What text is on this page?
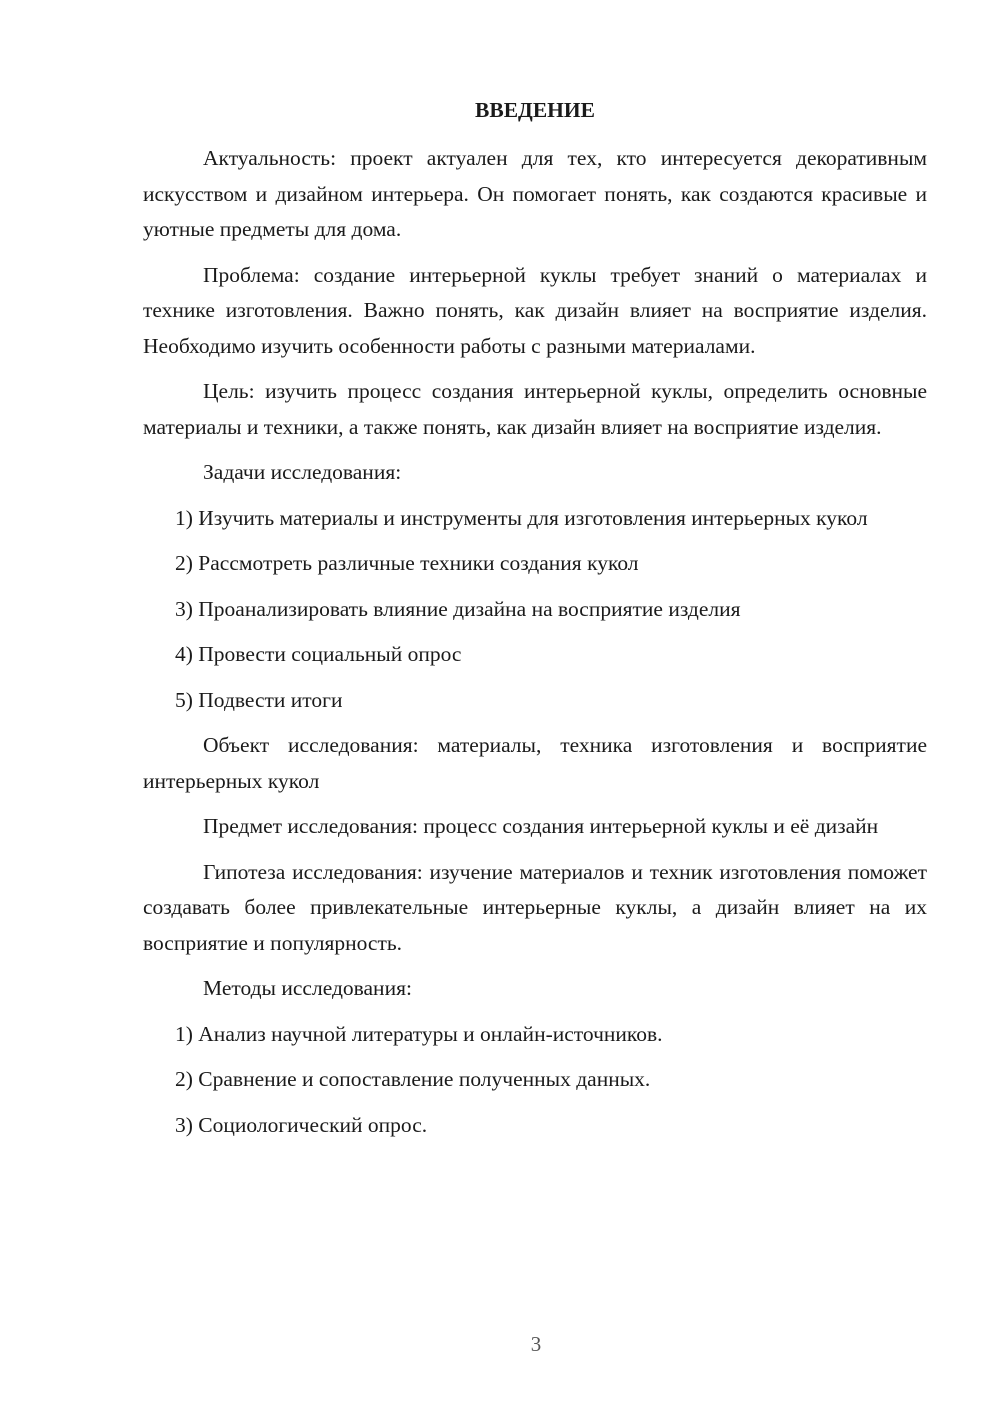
ВВЕДЕНИЕ

Актуальность: проект актуален для тех, кто интересуется декоративным искусством и дизайном интерьера. Он помогает понять, как создаются красивые и уютные предметы для дома.

Проблема: создание интерьерной куклы требует знаний о материалах и технике изготовления. Важно понять, как дизайн влияет на восприятие изделия. Необходимо изучить особенности работы с разными материалами.

Цель: изучить процесс создания интерьерной куклы, определить основные материалы и техники, а также понять, как дизайн влияет на восприятие изделия.

Задачи исследования:

1) Изучить материалы и инструменты для изготовления интерьерных кукол

2) Рассмотреть различные техники создания кукол

3) Проанализировать влияние дизайна на восприятие изделия

4) Провести социальный опрос

5) Подвести итоги

Объект исследования: материалы, техника изготовления и восприятие интерьерных кукол

Предмет исследования: процесс создания интерьерной куклы и её дизайн

Гипотеза исследования: изучение материалов и техник изготовления поможет создавать более привлекательные интерьерные куклы, а дизайн влияет на их восприятие и популярность.

Методы исследования:

1) Анализ научной литературы и онлайн-источников.

2) Сравнение и сопоставление полученных данных.

3) Социологический опрос.

3
